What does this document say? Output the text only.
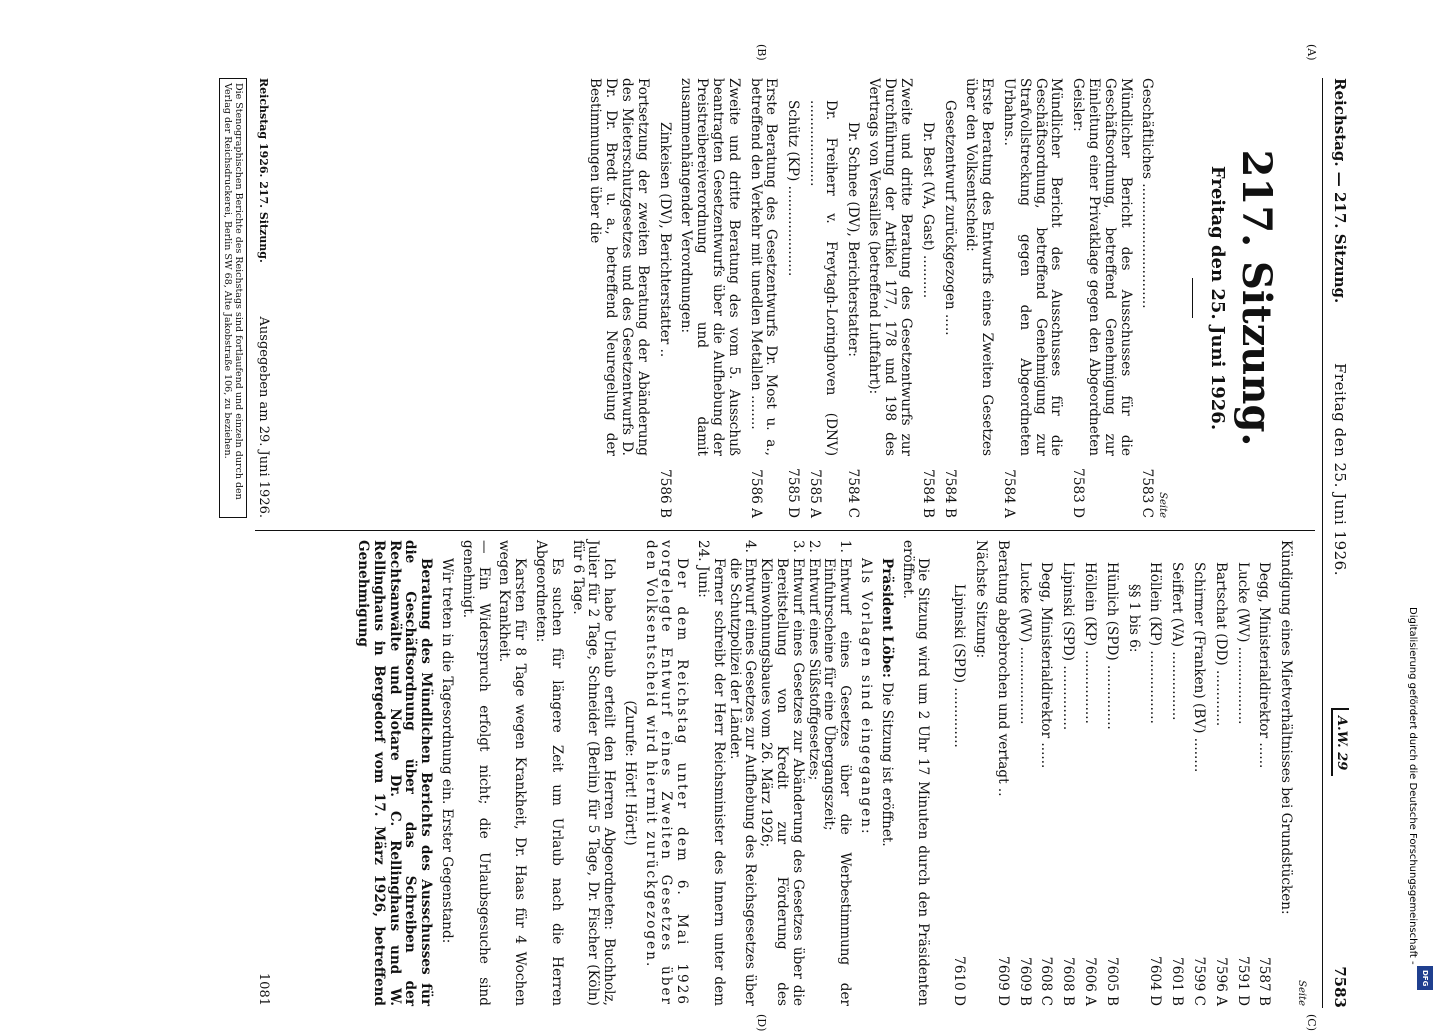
Reichstag. — 217. Sitzung.
Freitag den 25. Juni 1926.
A.W. 29
7583
(A)
(B)
(C)
(D)
217. Sitzung.
Freitag den 25. Juni 1926.
Seite
Geschäftliches .............................
7583 C
Mündlicher Bericht des Ausschusses für die Geschäftsordnung, betreffend Genehmigung zur Einleitung einer Privatklage gegen den Abgeordneten Geisler:
7583 D
Mündlicher Bericht des Ausschusses für die Geschäftsordnung, betreffend Genehmigung zur Strafvollstreckung gegen den Abgeordneten Urbahns..
7584 A
Erste Beratung des Entwurfs eines Zweiten Gesetzes über den Volksentscheid:
Gesetzentwurf zurückgezogen .....
7584 B
Dr. Best (VA, Gast) ..........
7584 B
Zweite und dritte Beratung des Gesetzentwurfs zur Durchführung der Artikel 177, 178 und 198 des Vertrags von Versailles (betreffend Luftfahrt):
Dr. Schnee (DV), Berichterstatter:
7584 C
Dr. Freiherr v. Freytagh-Loringhoven (DNV) ....................
7585 A
Schütz (KP) .....................
7585 D
Erste Beratung des Gesetzentwurfs Dr. Most u. a., betreffend den Verkehr mit unedlen Metallen ........
7586 A
Zweite und dritte Beratung des vom 5. Ausschuß beantragten Gesetzentwurfs über die Aufhebung der Preistreibereiverordnung und damit zusammenhängender Verordnungen:
Zinkeisen (DV), Berichterstatter ..
7586 B
Fortsetzung der zweiten Beratung der Abänderung des Mieterschutzgesetzes und des Gesetzentwurfs D. Dr. Dr. Bredt u. a., betreffend Neuregelung der Bestimmungen über die
Seite
Kündigung eines Mietverhältnisses bei Grundstücken:
Degg, Ministerialdirektor ......
7587 B
Lucke (WV) ..................
7591 D
Bartschat (DD) .............
7596 A
Schirmer (Franken) (BV) ........
7599 C
Seiffert (VA) ................
7601 B
Höllein (KP) .................
7604 D
§§ 1 bis 6:
Hünlich (SPD) ...............
7605 B
Höllein (KP) .................
7606 A
Lipinski (SPD) ...............
7608 B
Degg, Ministerialdirektor ......
7608 C
Lucke (WV) ..................
7609 B
Beratung abgebrochen und vertagt ..
7609 D
Nächste Sitzung:
Lipinski (SPD) ..............
7610 D
Die Sitzung wird um 2 Uhr 17 Minuten durch den Präsidenten eröffnet.
Präsident Löbe: Die Sitzung ist eröffnet.
Als Vorlagen sind eingegangen:
1.
Entwurf eines Gesetzes über die Werbestimmung der Einfuhrscheine für eine Übergangszeit;
2.
Entwurf eines Süßstoffgesetzes;
3.
Entwurf eines Gesetzes zur Abänderung des Gesetzes über die Bereitstellung von Kredit zur Förderung des Kleinwohnungsbaues vom 26. März 1926;
4.
Entwurf eines Gesetzes zur Aufhebung des Reichsgesetzes über die Schutzpolizei der Länder.
Ferner schreibt der Herr Reichsminister des Innern unter dem 24. Juni:
Der dem Reichstag unter dem 6. Mai 1926 vorgelegte Entwurf eines Zweiten Gesetzes über den Volksentscheid wird hiermit zurückgezogen.
(Zurufe: Hört! Hört!)
Ich habe Urlaub erteilt den Herren Abgeordneten: Buchholz, Julier für 2 Tage, Schneider (Berlin) für 5 Tage, Dr. Fischer (Köln) für 6 Tage.
Es suchen für längere Zeit um Urlaub nach die Herren Abgeordneten:
Karsten für 8 Tage wegen Krankheit, Dr. Haas für 4 Wochen wegen Krankheit.
— Ein Widerspruch erfolgt nicht; die Urlaubsgesuche sind genehmigt.
Wir treten in die Tagesordnung ein. Erster Gegenstand:
Beratung des Mündlichen Berichts des Ausschusses für die Geschäftsordnung über das Schreiben der Rechtsanwälte und Notare Dr. C. Rellinghaus und W. Rellinghaus in Bergedorf vom 17. März 1926, betreffend Genehmigung
Reichstag 1926. 217. Sitzung.
Ausgegeben am 29. Juni 1926.
1081
Die Stenographischen Berichte des Reichstags sind fortlaufend und einzeln durch den Verlag der Reichsdruckerei, Berlin SW 68, Alte Jakobstraße 106, zu beziehen.
Digitalisierung gefördert durch die Deutsche Forschungsgemeinschaft -
DFG
